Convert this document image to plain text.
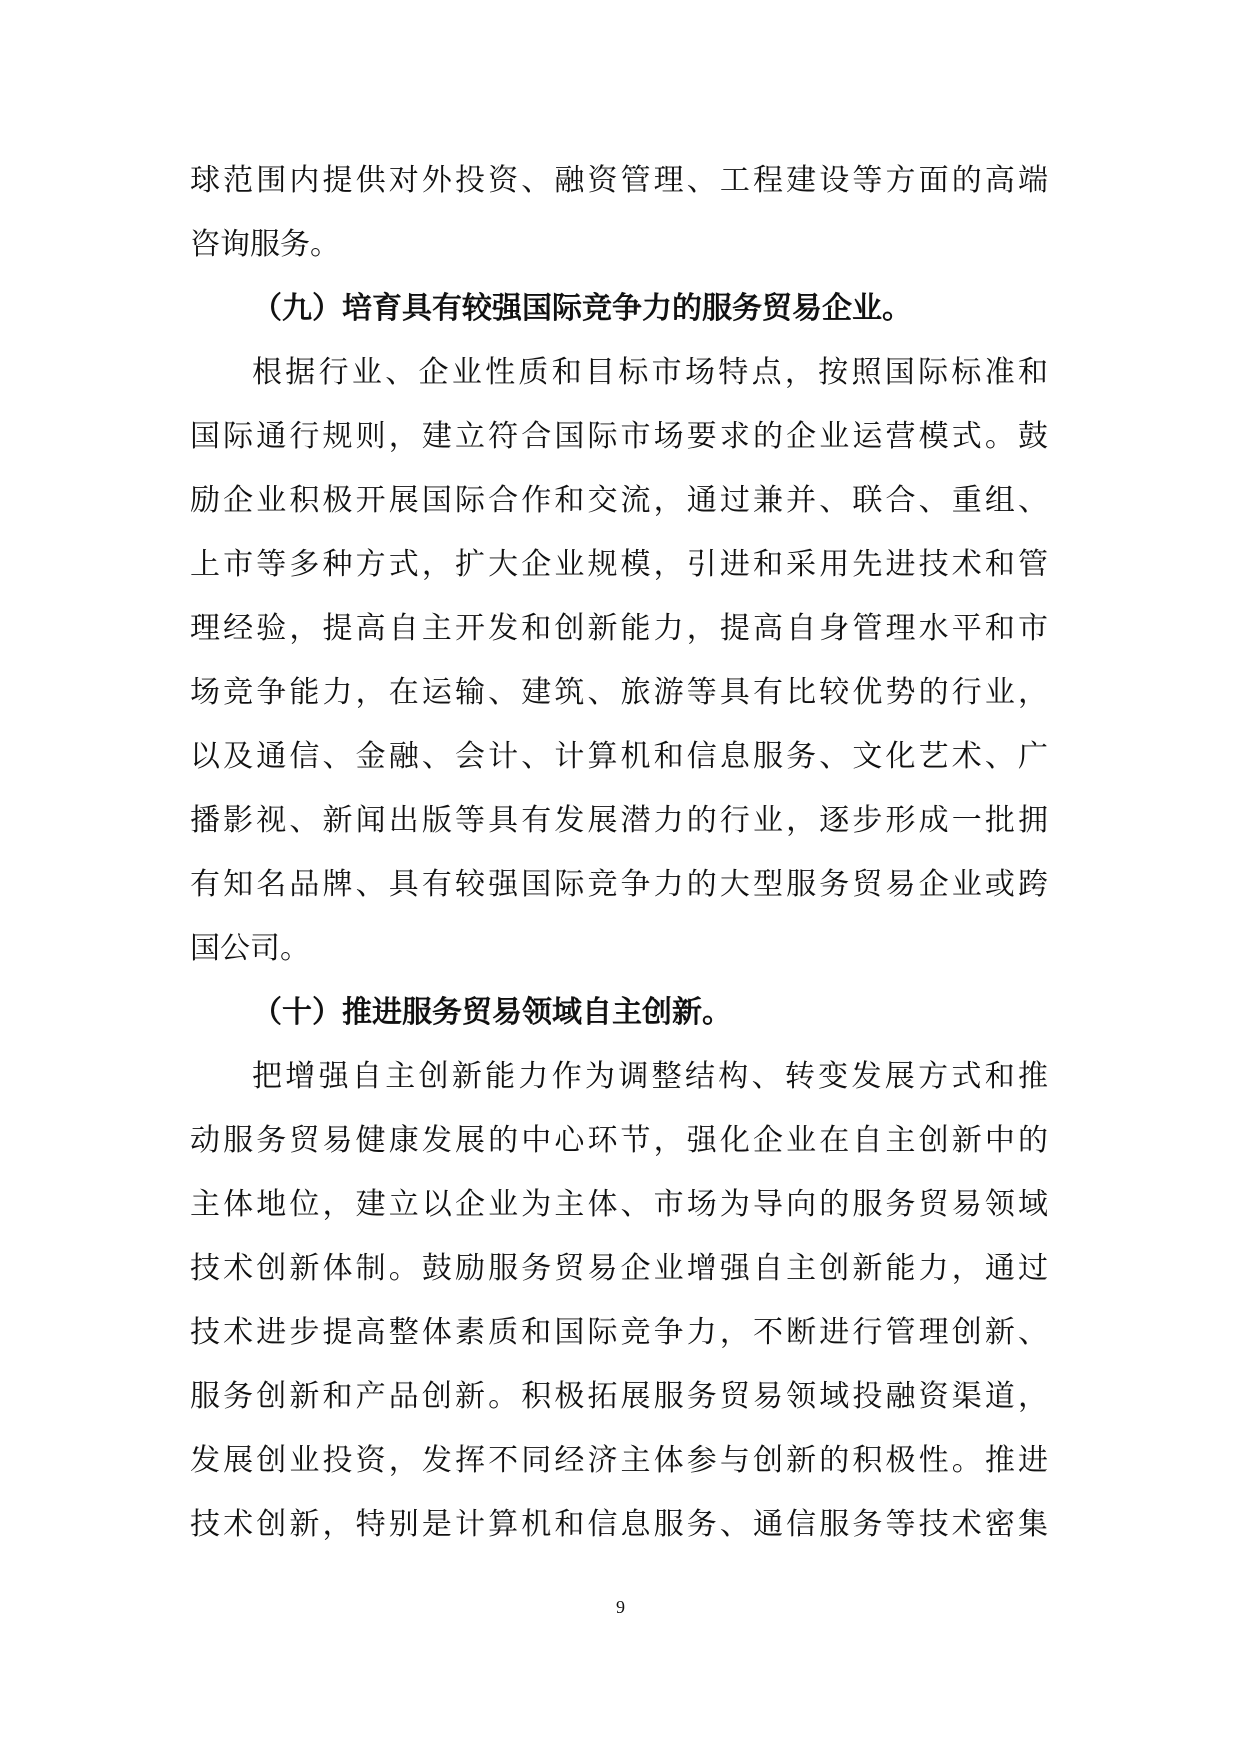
球范围内提供对外投资、融资管理、工程建设等方面的高端
咨询服务。
（九）培育具有较强国际竞争力的服务贸易企业。
根据行业、企业性质和目标市场特点，按照国际标准和
国际通行规则，建立符合国际市场要求的企业运营模式。鼓
励企业积极开展国际合作和交流，通过兼并、联合、重组、
上市等多种方式，扩大企业规模，引进和采用先进技术和管
理经验，提高自主开发和创新能力，提高自身管理水平和市
场竞争能力，在运输、建筑、旅游等具有比较优势的行业，
以及通信、金融、会计、计算机和信息服务、文化艺术、广
播影视、新闻出版等具有发展潜力的行业，逐步形成一批拥
有知名品牌、具有较强国际竞争力的大型服务贸易企业或跨
国公司。
（十）推进服务贸易领域自主创新。
把增强自主创新能力作为调整结构、转变发展方式和推
动服务贸易健康发展的中心环节，强化企业在自主创新中的
主体地位，建立以企业为主体、市场为导向的服务贸易领域
技术创新体制。鼓励服务贸易企业增强自主创新能力，通过
技术进步提高整体素质和国际竞争力，不断进行管理创新、
服务创新和产品创新。积极拓展服务贸易领域投融资渠道，
发展创业投资，发挥不同经济主体参与创新的积极性。推进
技术创新，特别是计算机和信息服务、通信服务等技术密集
9
